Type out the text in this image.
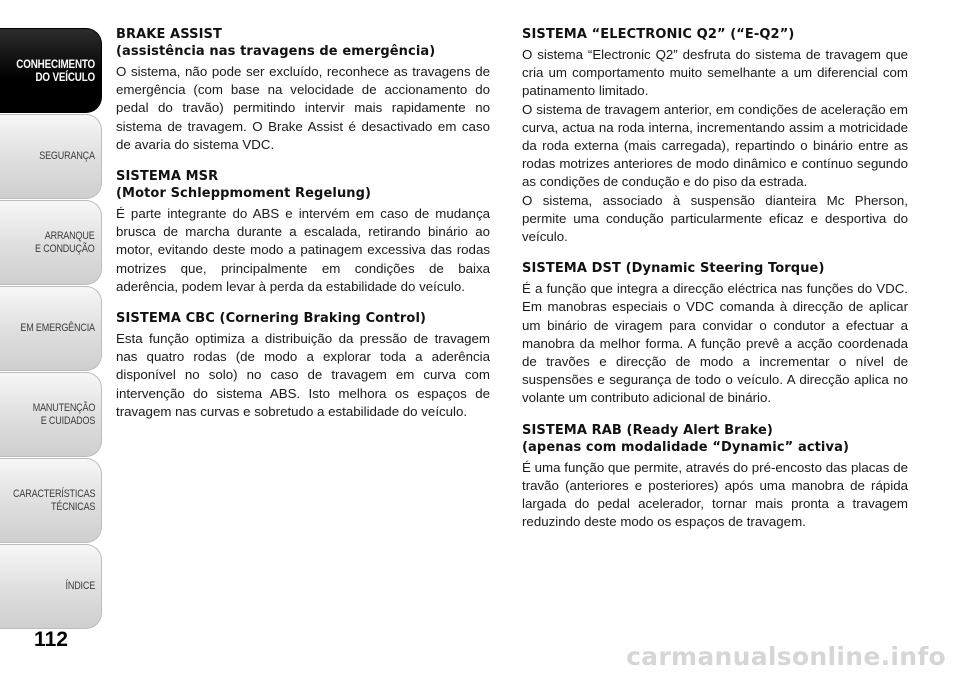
CONHECIMENTO
DO VEÍCULO
SEGURANÇA
ARRANQUE
E CONDUÇÃO
EM EMERGÊNCIA
MANUTENÇÃO
E CUIDADOS
CARACTERÍSTICAS
TÉCNICAS
ÍNDICE
112
BRAKE ASSIST
(assistência nas travagens de emergência)

O sistema, não pode ser excluído, reconhece as travagens de emergência (com base na velocidade de accionamento do pedal do travão) permitindo intervir mais rapidamente no sistema de travagem. O Brake Assist é desactivado em caso de avaria do sistema VDC.

SISTEMA MSR
(Motor Schleppmoment Regelung)

É parte integrante do ABS e intervém em caso de mudança brusca de marcha durante a escalada, retirando binário ao motor, evitando deste modo a patinagem excessiva das rodas motrizes que, principalmente em condições de baixa aderência, podem levar à perda da estabilidade do veículo.

SISTEMA CBC (Cornering Braking Control)

Esta função optimiza a distribuição da pressão de travagem nas quatro rodas (de modo a explorar toda a aderência disponível no solo) no caso de travagem em curva com intervenção do sistema ABS. Isto melhora os espaços de travagem nas curvas e sobretudo a estabilidade do veículo.

SISTEMA “ELECTRONIC Q2” (“E-Q2”)

O sistema “Electronic Q2” desfruta do sistema de travagem que cria um comportamento muito semelhante a um diferencial com patinamento limitado.

O sistema de travagem anterior, em condições de aceleração em curva, actua na roda interna, incrementando assim a motricidade da roda externa (mais carregada), repartindo o binário entre as rodas motrizes anteriores de modo dinâmico e contínuo segundo as condições de condução e do piso da estrada.

O sistema, associado à suspensão dianteira Mc Pherson, permite uma condução particularmente eficaz e desportiva do veículo.

SISTEMA DST (Dynamic Steering Torque)

É a função que integra a direcção eléctrica nas funções do VDC. Em manobras especiais o VDC comanda à direcção de aplicar um binário de viragem para convidar o condutor a efectuar a manobra da melhor forma. A função prevê a acção coordenada de travões e direcção de modo a incrementar o nível de suspensões e segurança de todo o veículo. A direcção aplica no volante um contributo adicional de binário.

SISTEMA RAB (Ready Alert Brake)
(apenas com modalidade “Dynamic” activa)

É uma função que permite, através do pré-encosto das placas de travão (anteriores e posteriores) após uma manobra de rápida largada do pedal acelerador, tornar mais pronta a travagem reduzindo deste modo os espaços de travagem.

carmanualsonline.info
